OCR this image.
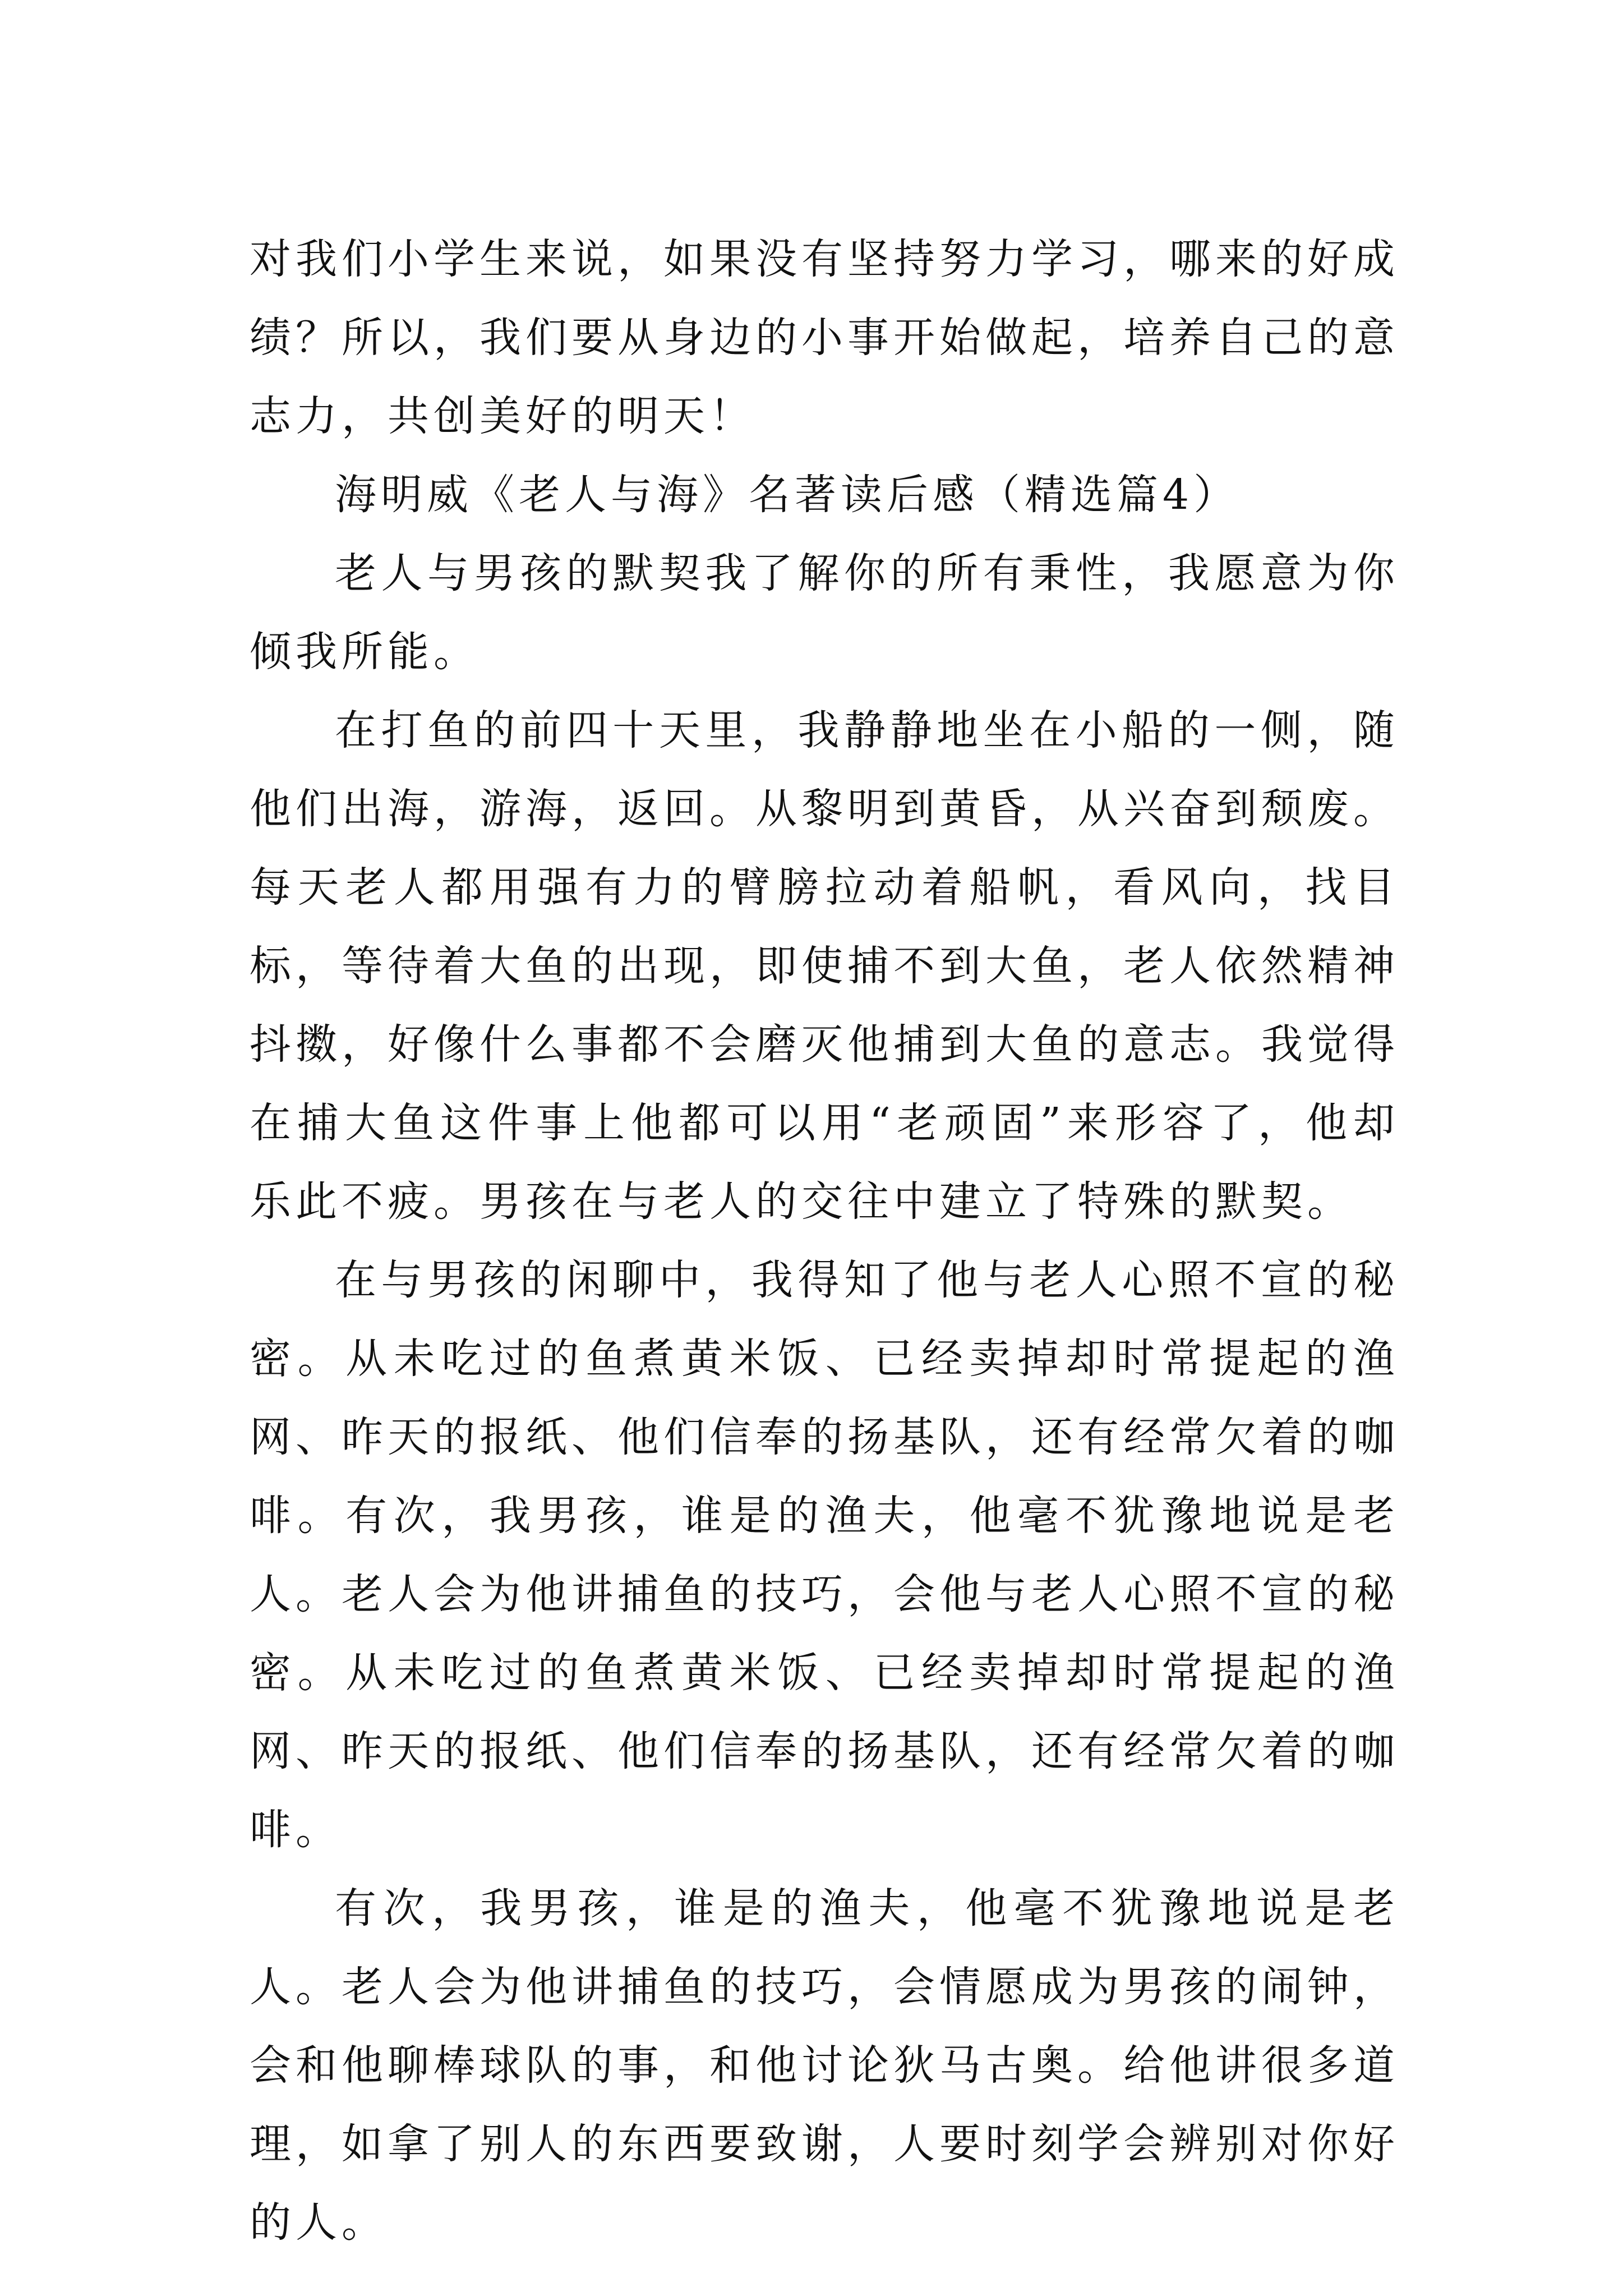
对我们小学生来说，如果没有坚持努力学习，哪来的好成绩？所以，我们要从身边的小事开始做起，培养自己的意志力，共创美好的明天！

海明威《老人与海》名著读后感（精选篇4）

老人与男孩的默契我了解你的所有秉性，我愿意为你倾我所能。

在打鱼的前四十天里，我静静地坐在小船的一侧，随他们出海，游海，返回。从黎明到黄昏，从兴奋到颓废。每天老人都用强有力的臂膀拉动着船帆，看风向，找目标，等待着大鱼的出现，即使捕不到大鱼，老人依然精神抖擞，好像什么事都不会磨灭他捕到大鱼的意志。我觉得在捕大鱼这件事上他都可以用“老顽固”来形容了，他却乐此不疲。男孩在与老人的交往中建立了特殊的默契。

在与男孩的闲聊中，我得知了他与老人心照不宣的秘密。从未吃过的鱼煮黄米饭、已经卖掉却时常提起的渔网、昨天的报纸、他们信奉的扬基队，还有经常欠着的咖啡。有次，我男孩，谁是的渔夫，他毫不犹豫地说是老人。老人会为他讲捕鱼的技巧，会他与老人心照不宣的秘密。从未吃过的鱼煮黄米饭、已经卖掉却时常提起的渔网、昨天的报纸、他们信奉的扬基队，还有经常欠着的咖啡。

有次，我男孩，谁是的渔夫，他毫不犹豫地说是老人。老人会为他讲捕鱼的技巧，会情愿成为男孩的闹钟，会和他聊棒球队的事，和他讨论狄马古奥。给他讲很多道理，如拿了别人的东西要致谢，人要时刻学会辨别对你好的人。
